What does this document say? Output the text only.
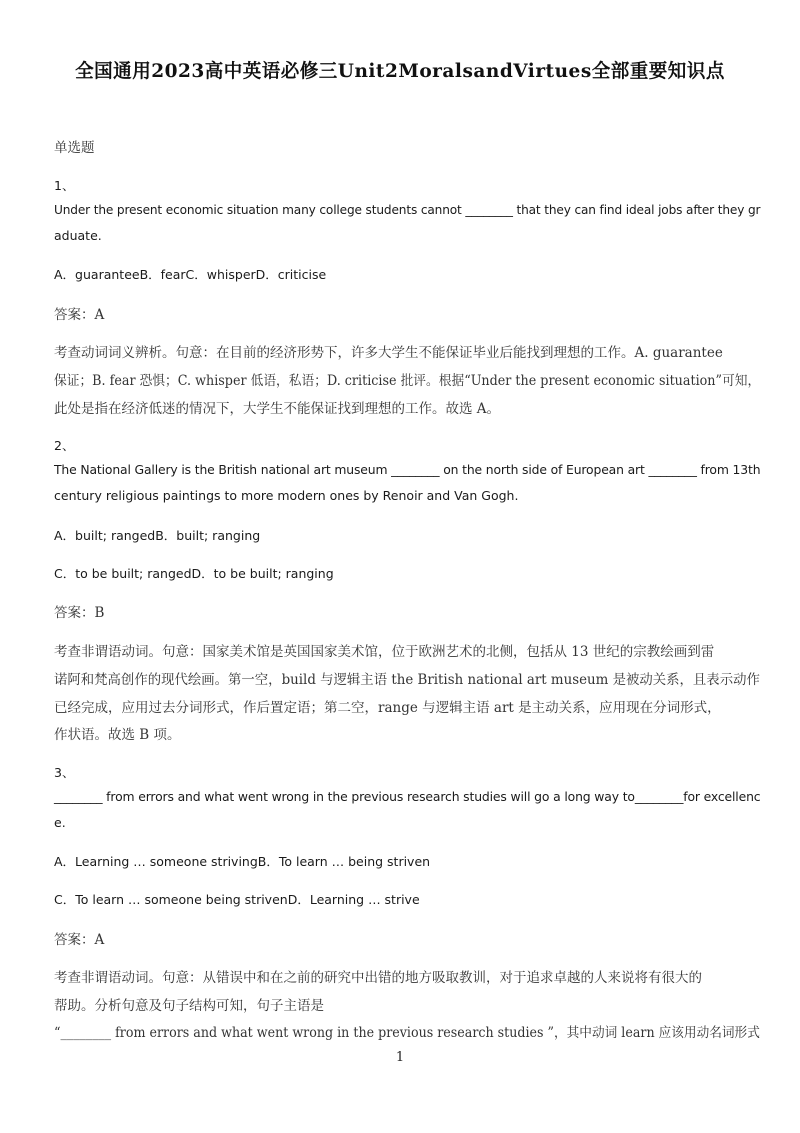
全国通用2023高中英语必修三Unit2MoralsandVirtues全部重要知识点
单选题
1、
Under the present economic situation many college students cannot ________ that they can find ideal jobs after they gr
aduate.
A．guaranteeB．fearC．whisperD．criticise
答案：A
考查动词词义辨析。句意：在目前的经济形势下，许多大学生不能保证毕业后能找到理想的工作。A. guarantee
保证；B. fear 恐惧；C. whisper 低语，私语；D. criticise 批评。根据“Under the present economic situation”可知，
此处是指在经济低迷的情况下，大学生不能保证找到理想的工作。故选 A。
2、
The National Gallery is the British national art museum ________ on the north side of European art ________ from 13th
century religious paintings to more modern ones by Renoir and Van Gogh.
A．built; rangedB．built; ranging
C．to be built; rangedD．to be built; ranging
答案：B
考查非谓语动词。句意：国家美术馆是英国国家美术馆，位于欧洲艺术的北侧，包括从 13 世纪的宗教绘画到雷
诺阿和梵高创作的现代绘画。第一空，build 与逻辑主语 the British national art museum 是被动关系，且表示动作
已经完成，应用过去分词形式，作后置定语；第二空，range 与逻辑主语 art 是主动关系，应用现在分词形式，
作状语。故选 B 项。
3、
________ from errors and what went wrong in the previous research studies will go a long way to________for excellenc
e.
A．Learning … someone strivingB．To learn … being striven
C．To learn … someone being strivenD．Learning … strive
答案：A
考查非谓语动词。句意：从错误中和在之前的研究中出错的地方吸取教训，对于追求卓越的人来说将有很大的
帮助。分析句意及句子结构可知，句子主语是
“________ from errors and what went wrong in the previous research studies ”，其中动词 learn 应该用动名词形式
1
